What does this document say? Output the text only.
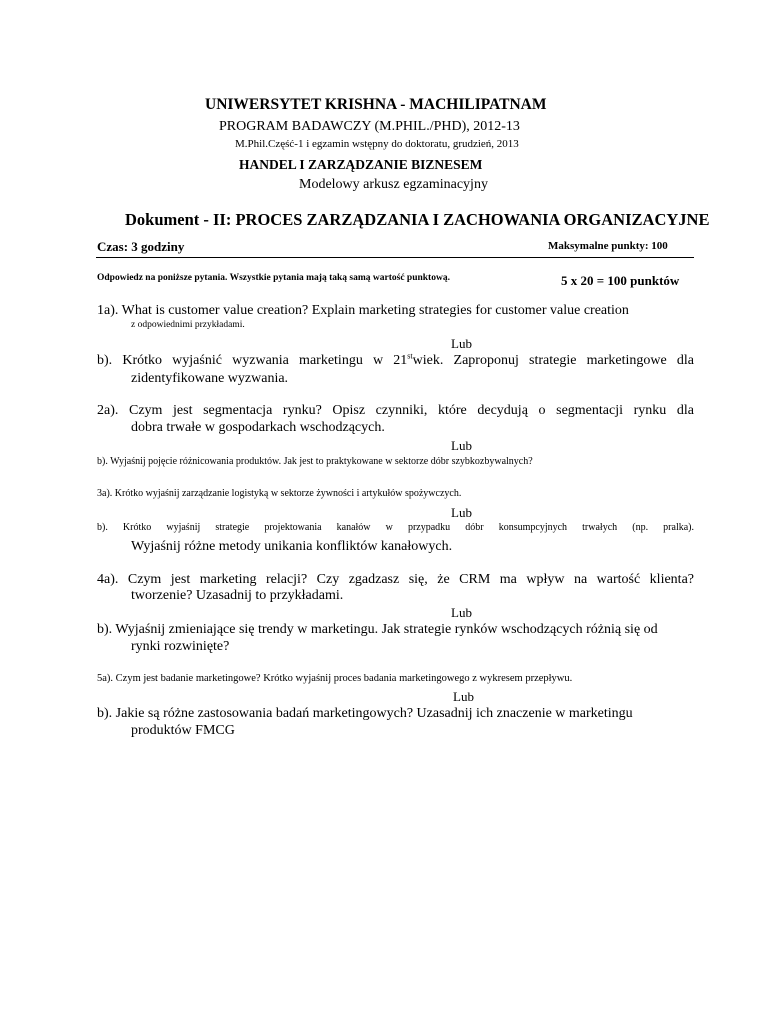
UNIWERSYTET KRISHNA - MACHILIPATNAM
PROGRAM BADAWCZY (M.PHIL./PHD), 2012-13
M.Phil.Część-1 i egzamin wstępny do doktoratu, grudzień, 2013
HANDEL I ZARZĄDZANIE BIZNESEM
Modelowy arkusz egzaminacyjny
Dokument - II: PROCES ZARZĄDZANIA I ZACHOWANIA ORGANIZACYJNE
Czas: 3 godziny	Maksymalne punkty: 100
Odpowiedz na poniższe pytania. Wszystkie pytania mają taką samą wartość punktową.	5 x 20 = 100 punktów
1a). What is customer value creation? Explain marketing strategies for customer value creation
z odpowiednimi przykładami.
Lub
b). Krótko wyjaśnić wyzwania marketingu w 21stwiek. Zaproponuj strategie marketingowe dla
zidentyfikowane wyzwania.
2a). Czym jest segmentacja rynku? Opisz czynniki, które decydują o segmentacji rynku dla
dobra trwałe w gospodarkach wschodzących.
Lub
b). Wyjaśnij pojęcie różnicowania produktów. Jak jest to praktykowane w sektorze dóbr szybkozbywalnych?
3a). Krótko wyjaśnij zarządzanie logistyką w sektorze żywności i artykułów spożywczych.
Lub
b). Krótko wyjaśnij strategie projektowania kanałów w przypadku dóbr konsumpcyjnych trwałych (np. pralka).
Wyjaśnij różne metody unikania konfliktów kanałowych.
4a). Czym jest marketing relacji? Czy zgadzasz się, że CRM ma wpływ na wartość klienta?
tworzenie? Uzasadnij to przykładami.
Lub
b). Wyjaśnij zmieniające się trendy w marketingu. Jak strategie rynków wschodzących różnią się od
rynki rozwinięte?
5a). Czym jest badanie marketingowe? Krótko wyjaśnij proces badania marketingowego z wykresem przepływu.
Lub
b). Jakie są różne zastosowania badań marketingowych? Uzasadnij ich znaczenie w marketingu
produktów FMCG
